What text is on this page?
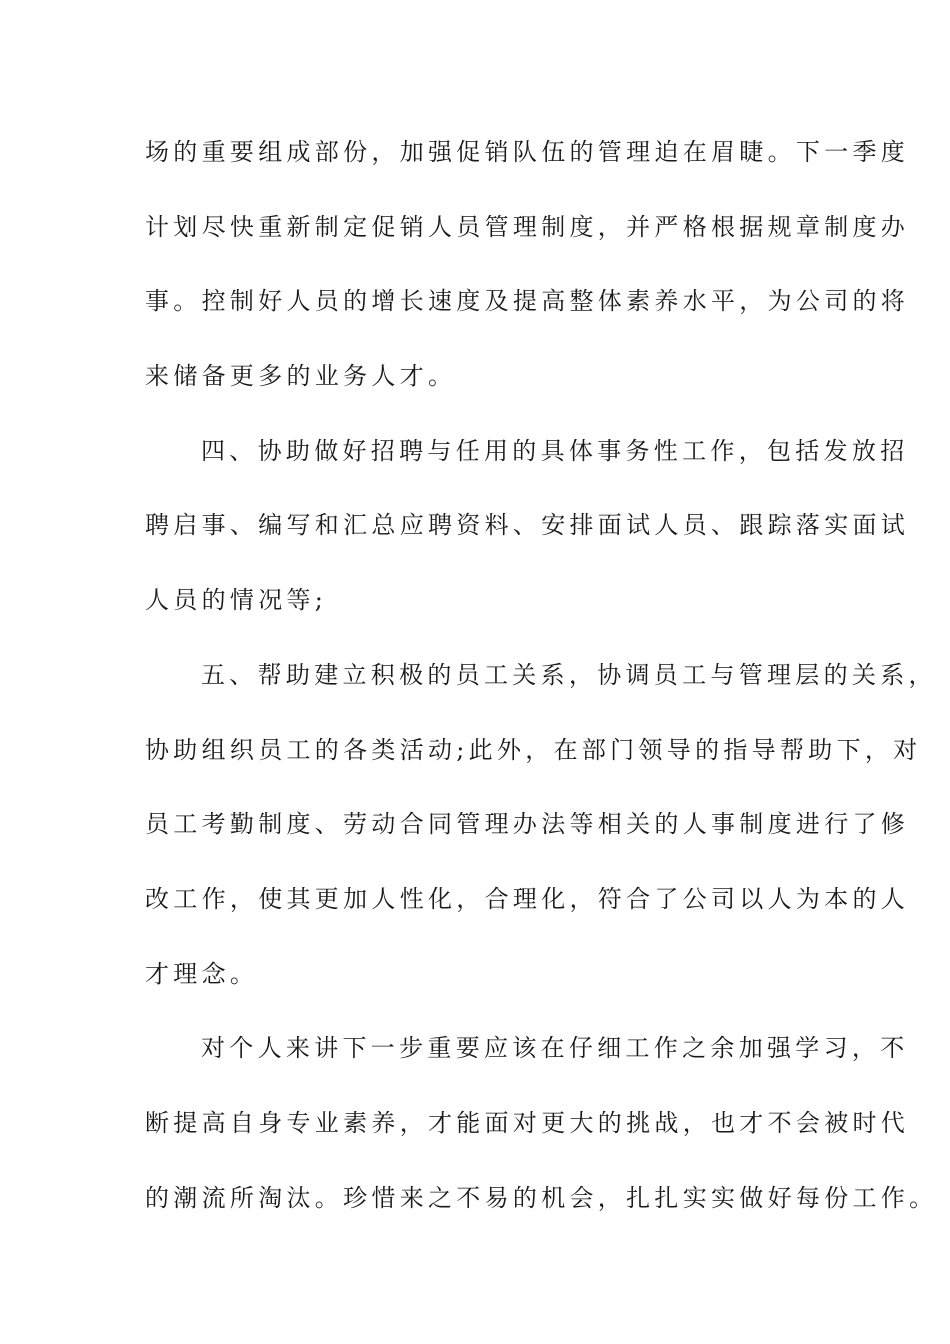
场的重要组成部份，加强促销队伍的管理迫在眉睫。下一季度
计划尽快重新制定促销人员管理制度，并严格根据规章制度办
事。控制好人员的增长速度及提高整体素养水平，为公司的将
来储备更多的业务人才。
四、协助做好招聘与任用的具体事务性工作，包括发放招
聘启事、编写和汇总应聘资料、安排面试人员、跟踪落实面试
人员的情况等;
五、帮助建立积极的员工关系，协调员工与管理层的关系，
协助组织员工的各类活动;此外，在部门领导的指导帮助下，对
员工考勤制度、劳动合同管理办法等相关的人事制度进行了修
改工作，使其更加人性化，合理化，符合了公司以人为本的人
才理念。
对个人来讲下一步重要应该在仔细工作之余加强学习，不
断提高自身专业素养，才能面对更大的挑战，也才不会被时代
的潮流所淘汰。珍惜来之不易的机会，扎扎实实做好每份工作。
